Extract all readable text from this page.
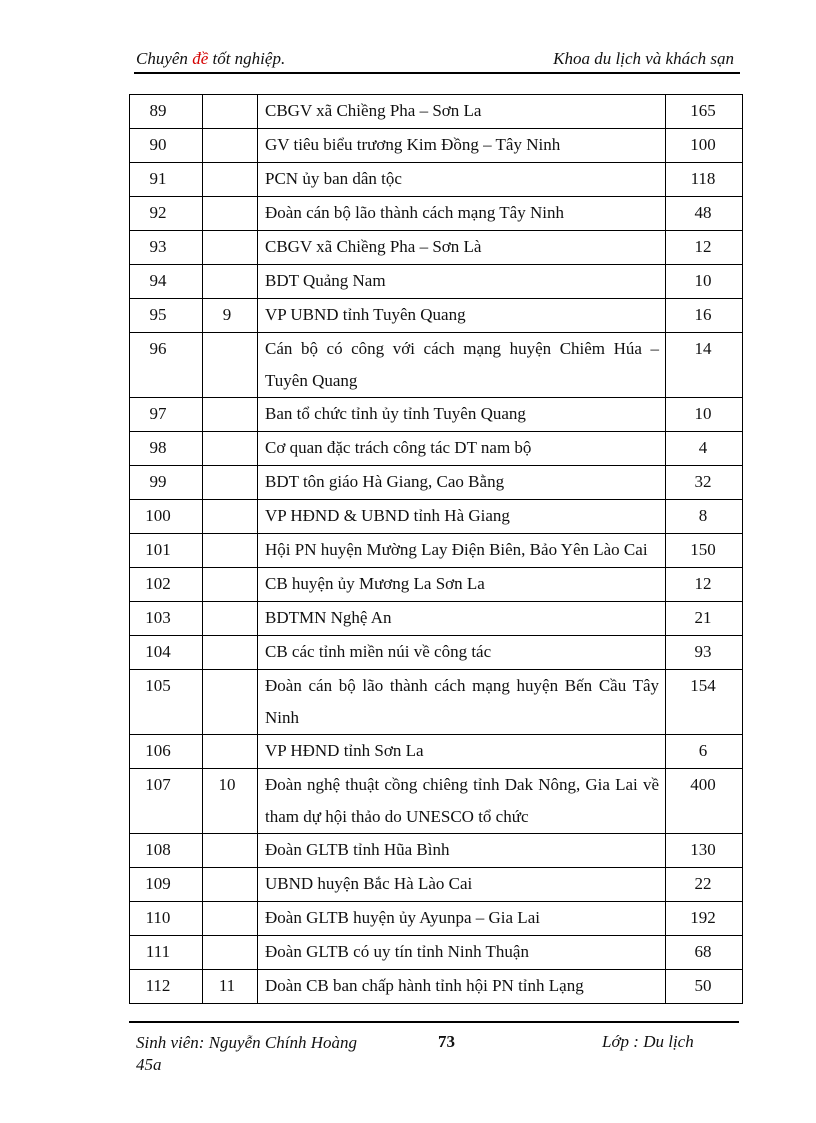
Chuyên đề tốt nghiệp.	Khoa du lịch và khách sạn
89		CBGV xã Chiềng Pha – Sơn La	165
90		GV tiêu biểu trương Kim Đồng – Tây Ninh	100
91		PCN ủy ban dân tộc	118
92		Đoàn cán bộ lão thành cách mạng Tây Ninh	48
93		CBGV xã Chiềng Pha – Sơn Là	12
94		BDT Quảng Nam	10
95	9	VP UBND tỉnh Tuyên Quang	16
96		Cán bộ có công với cách mạng huyện Chiêm Húa – Tuyên Quang	14
97		Ban tổ chức tỉnh ủy tỉnh Tuyên Quang	10
98		Cơ quan đặc trách công tác DT nam bộ	4
99		BDT tôn giáo Hà Giang, Cao Bằng	32
100		VP HĐND & UBND tỉnh Hà Giang	8
101		Hội PN huyện Mường Lay Điện Biên, Bảo Yên Lào Cai	150
102		CB huyện ủy Mương La Sơn La	12
103		BDTMN Nghệ An	21
104		CB các tỉnh miền núi về công tác	93
105		Đoàn cán bộ lão thành cách mạng huyện Bến Cầu Tây Ninh	154
106		VP HĐND tỉnh Sơn La	6
107	10	Đoàn nghệ thuật cồng chiêng tỉnh Dak Nông, Gia Lai về tham dự hội thảo do UNESCO tổ chức	400
108		Đoàn GLTB tỉnh Hũa Bình	130
109		UBND huyện Bắc Hà Lào Cai	22
110		Đoàn GLTB huyện ủy Ayunpa – Gia Lai	192
111		Đoàn GLTB có uy tín tỉnh Ninh Thuận	68
112	11	Doàn CB ban chấp hành tỉnh hội PN tỉnh Lạng	50
Sinh viên: Nguyễn Chính Hoàng
45a
73	Lớp : Du lịch
